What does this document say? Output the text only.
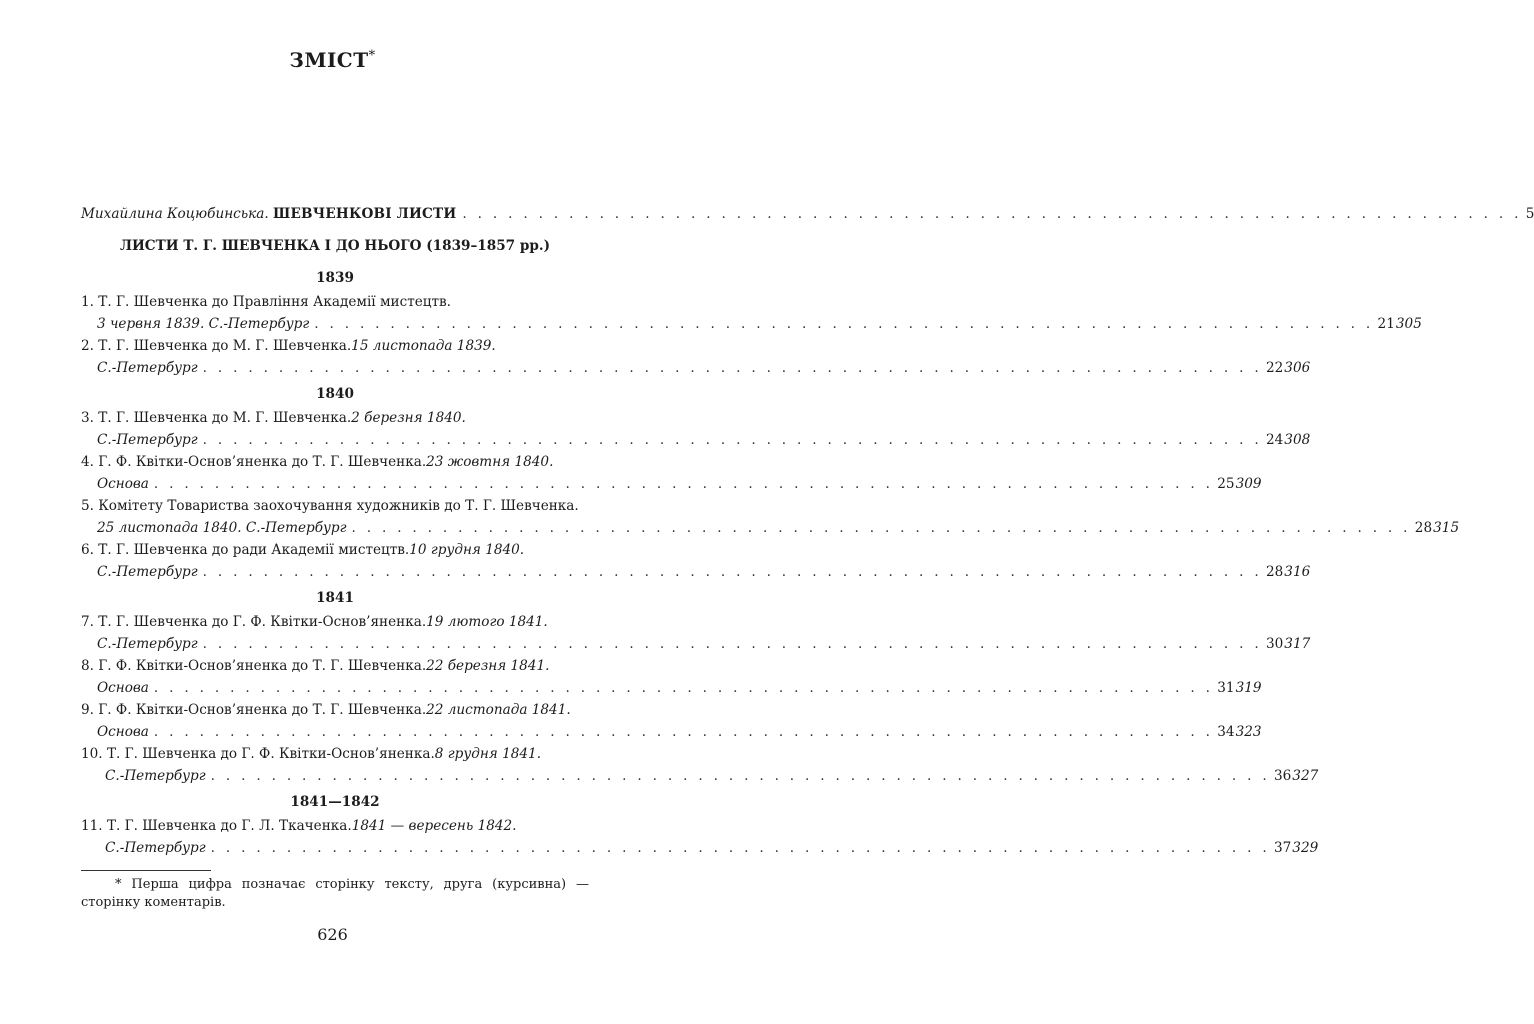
ЗМІСТ*
Михайлина Коцюбинська .
ШЕВЧЕНКОВІ ЛИСТИ . . . . . . . . . . . . . . . . . . . . . . . . . . . . . . . . . . . . . . . . . . . . . . . . . . . . . . . . . . . . . . . . . . . . . . 5
ЛИСТИ Т. Г. ШЕВЧЕНКА І ДО НЬОГО (1839–1857 рр.)
1839
1. Т. Г. Шевченка до Правління Академії мистецтв.
3 червня 1839. С.-Петербург . . . . . . . . . . . . . . . . . . . . . . . . . . . . . . . . . . . . . . . . . . . . . . . . . . . . . . . . . . . . . . . . . . . . . . 21 305
2. Т. Г. Шевченка до М. Г. Шевченка. 15 листопада 1839.
С.-Петербург . . . . . . . . . . . . . . . . . . . . . . . . . . . . . . . . . . . . . . . . . . . . . . . . . . . . . . . . . . . . . . . . . . . . . . 22 306
1840
3. Т. Г. Шевченка до М. Г. Шевченка. 2 березня 1840.
С.-Петербург . . . . . . . . . . . . . . . . . . . . . . . . . . . . . . . . . . . . . . . . . . . . . . . . . . . . . . . . . . . . . . . . . . . . . . 24 308
4. Г. Ф. Квітки-Основ’яненка до Т. Г. Шевченка. 23 жовтня 1840.
Основа . . . . . . . . . . . . . . . . . . . . . . . . . . . . . . . . . . . . . . . . . . . . . . . . . . . . . . . . . . . . . . . . . . . . . . 25 309
5. Комітету Товариства заохочування художників до Т. Г. Шевченка.
25 листопада 1840. С.-Петербург . . . . . . . . . . . . . . . . . . . . . . . . . . . . . . . . . . . . . . . . . . . . . . . . . . . . . . . . . . . . . . . . . . . . . . 28 315
6. Т. Г. Шевченка до ради Академії мистецтв. 10 грудня 1840.
С.-Петербург . . . . . . . . . . . . . . . . . . . . . . . . . . . . . . . . . . . . . . . . . . . . . . . . . . . . . . . . . . . . . . . . . . . . . . 28 316
1841
7. Т. Г. Шевченка до Г. Ф. Квітки-Основ’яненка. 19 лютого 1841.
С.-Петербург . . . . . . . . . . . . . . . . . . . . . . . . . . . . . . . . . . . . . . . . . . . . . . . . . . . . . . . . . . . . . . . . . . . . . . 30 317
8. Г. Ф. Квітки-Основ’яненка до Т. Г. Шевченка. 22 березня 1841.
Основа . . . . . . . . . . . . . . . . . . . . . . . . . . . . . . . . . . . . . . . . . . . . . . . . . . . . . . . . . . . . . . . . . . . . . . 31 319
9. Г. Ф. Квітки-Основ’яненка до Т. Г. Шевченка. 22 листопада 1841.
Основа . . . . . . . . . . . . . . . . . . . . . . . . . . . . . . . . . . . . . . . . . . . . . . . . . . . . . . . . . . . . . . . . . . . . . . 34 323
10. Т. Г. Шевченка до Г. Ф. Квітки-Основ’яненка. 8 грудня 1841.
С.-Петербург . . . . . . . . . . . . . . . . . . . . . . . . . . . . . . . . . . . . . . . . . . . . . . . . . . . . . . . . . . . . . . . . . . . . . . 36 327
1841—1842
11. Т. Г. Шевченка до Г. Л. Ткаченка. 1841 — вересень 1842.
С.-Петербург . . . . . . . . . . . . . . . . . . . . . . . . . . . . . . . . . . . . . . . . . . . . . . . . . . . . . . . . . . . . . . . . . . . . . . 37 329
* Перша цифра позначає сторінку тексту, друга (курсивна) — сторінку коментарів.
626
